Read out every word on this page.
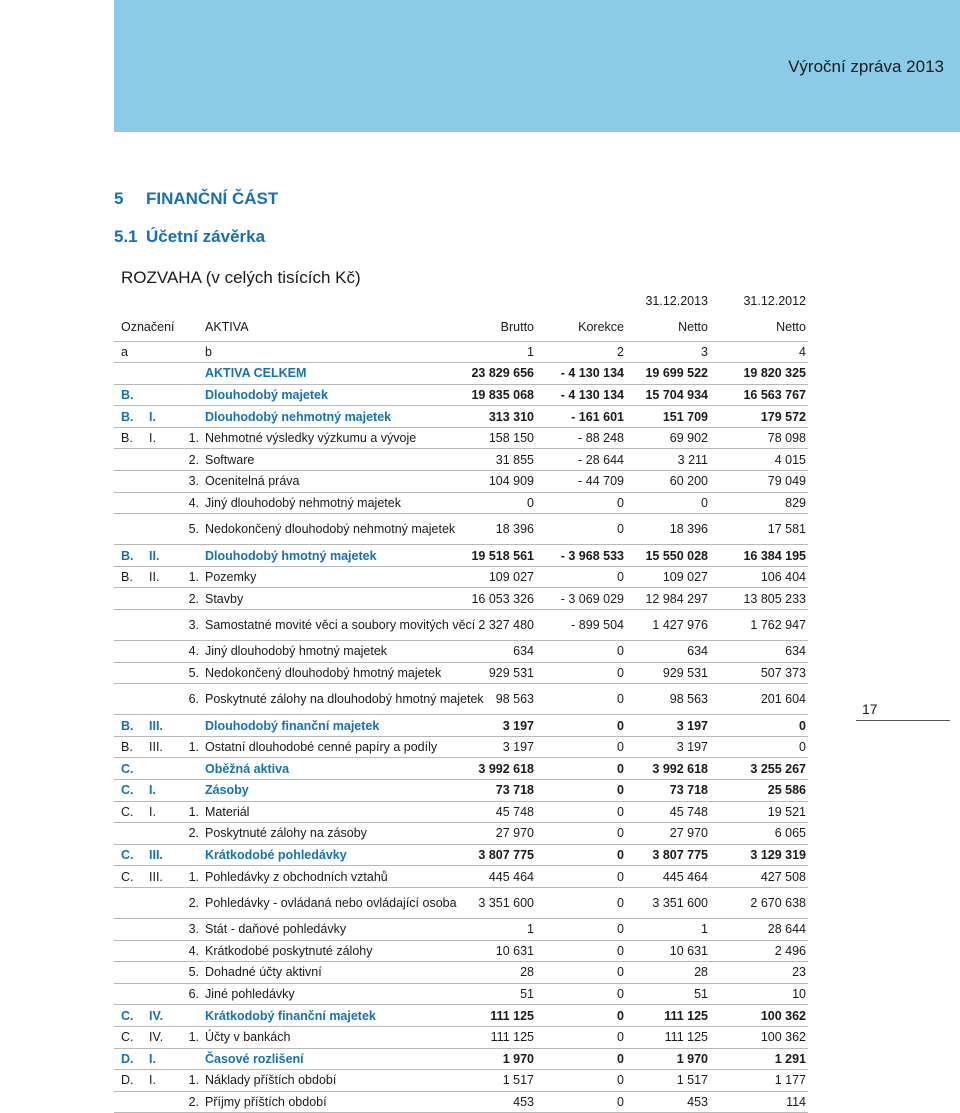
Výroční zpráva 2013
5 FINANČNÍ ČÁST
5.1 Účetní závěrka
ROZVAHA (v celých tisících Kč)
						31.12.2013		31.12.2012
Označení			AKTIVA	Brutto	Korekce	Netto		Netto
a			b	1	2	3	4	
			AKTIVA CELKEM	23 829 656	- 4 130 134	19 699 522	19 820 325	
B.			Dlouhodobý majetek	19 835 068	- 4 130 134	15 704 934	16 563 767	
B.	I.		Dlouhodobý nehmotný majetek	313 310	- 161 601	151 709	179 572	
B.	I.	1.	Nehmotné výsledky výzkumu a vývoje	158 150	- 88 248	69 902	78 098	
		2.	Software	31 855	- 28 644	3 211	4 015	
		3.	Ocenitelná práva	104 909	- 44 709	60 200	79 049	
		4.	Jiný dlouhodobý nehmotný majetek	0	0	0	829	
		5.	Nedokončený dlouhodobý nehmotný majetek	18 396	0	18 396	17 581	
B.	II.		Dlouhodobý hmotný majetek	19 518 561	- 3 968 533	15 550 028	16 384 195	
B.	II.	1.	Pozemky	109 027	0	109 027	106 404	
		2.	Stavby	16 053 326	- 3 069 029	12 984 297	13 805 233	
		3.	Samostatné movité věci a soubory movitých věcí	2 327 480	- 899 504	1 427 976	1 762 947	
		4.	Jiný dlouhodobý hmotný majetek	634	0	634	634	
		5.	Nedokončený dlouhodobý hmotný majetek	929 531	0	929 531	507 373	
		6.	Poskytnuté zálohy na dlouhodobý hmotný majetek	98 563	0	98 563	201 604	
B.	III.		Dlouhodobý finanční majetek	3 197	0	3 197	0	
B.	III.	1.	Ostatní dlouhodobé cenné papíry a podíly	3 197	0	3 197	0	
C.			Oběžná aktiva	3 992 618	0	3 992 618	3 255 267	
C.	I.		Zásoby	73 718	0	73 718	25 586	
C.	I.	1.	Materiál	45 748	0	45 748	19 521	
		2.	Poskytnuté zálohy na zásoby	27 970	0	27 970	6 065	
C.	III.		Krátkodobé pohledávky	3 807 775	0	3 807 775	3 129 319	
C.	III.	1.	Pohledávky z obchodních vztahů	445 464	0	445 464	427 508	
		2.	Pohledávky - ovládaná nebo ovládající osoba	3 351 600	0	3 351 600	2 670 638	
		3.	Stát - daňové pohledávky	1	0	1	28 644	
		4.	Krátkodobé poskytnuté zálohy	10 631	0	10 631	2 496	
		5.	Dohadné účty aktivní	28	0	28	23	
		6.	Jiné pohledávky	51	0	51	10	
C.	IV.		Krátkodobý finanční majetek	111 125	0	111 125	100 362	
C.	IV.	1.	Účty v bankách	111 125	0	111 125	100 362	
D.	I.		Časové rozlišení	1 970	0	1 970	1 291	
D.	I.	1.	Náklady příštích období	1 517	0	1 517	1 177	
		2.	Příjmy příštích období	453	0	453	114	
17
